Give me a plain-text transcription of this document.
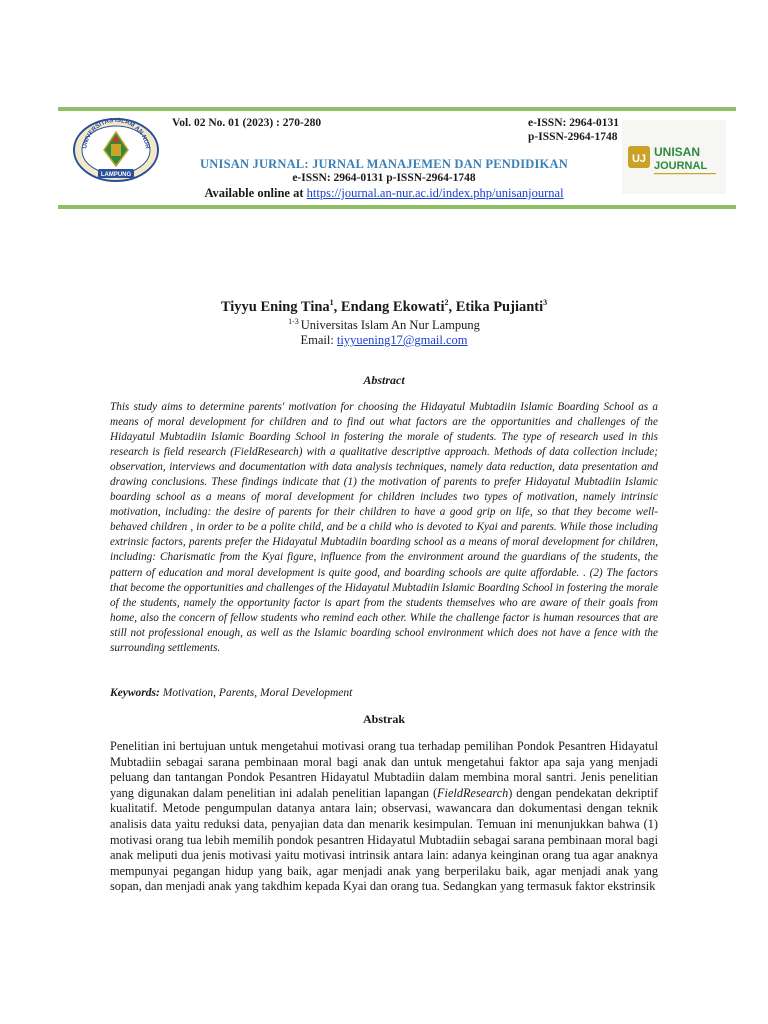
UNIVERSITAS ISLAM AN NUR
LAMPUNG
UJ UNISAN
JOURNAL
Vol. 02 No. 01 (2023) : 270-280	e-ISSN: 2964-0131
p-ISSN-2964-1748
UNISAN JURNAL: JURNAL MANAJEMEN DAN PENDIDIKAN
e-ISSN: 2964-0131 p-ISSN-2964-1748
Available online at https://journal.an-nur.ac.id/index.php/unisanjournal
Tiyyu Ening Tina$^1$, Endang Ekowati$^2$, Etika Pujianti$^3$
$^{1-3}$ Universitas Islam An Nur Lampung
Email: tiyyuening17@gmail.com
Abstract

This study aims to determine parents' motivation for choosing the Hidayatul Mubtadiin Islamic Boarding School as a means of moral development for children and to find out what factors are the opportunities and challenges of the Hidayatul Mubtadiin Islamic Boarding School in fostering the morale of students. The type of research used in this research is field research (FieldResearch) with a qualitative descriptive approach. Methods of data collection include; observation, interviews and documentation with data analysis techniques, namely data reduction, data presentation and drawing conclusions. These findings indicate that (1) the motivation of parents to prefer Hidayatul Mubtadiin Islamic boarding school as a means of moral development for children includes two types of motivation, namely intrinsic motivation, including: the desire of parents for their children to have a good grip on life, so that they become well-behaved children , in order to be a polite child, and be a child who is devoted to Kyai and parents. While those including extrinsic factors, parents prefer the Hidayatul Mubtadiin boarding school as a means of moral development for children, including: Charismatic from the Kyai figure, influence from the environment around the guardians of the students, the pattern of education and moral development is quite good, and boarding schools are quite affordable. . (2) The factors that become the opportunities and challenges of the Hidayatul Mubtadiin Islamic Boarding School in fostering the morale of the students, namely the opportunity factor is apart from the students themselves who are aware of their goals from home, also the concern of fellow students who remind each other. While the challenge factor is human resources that are still not professional enough, as well as the Islamic boarding school environment which does not have a fence with the surrounding settlements.

Keywords: Motivation, Parents, Moral Development
Abstrak

Penelitian ini bertujuan untuk mengetahui motivasi orang tua terhadap pemilihan Pondok Pesantren Hidayatul Mubtadiin sebagai sarana pembinaan moral bagi anak dan untuk mengetahui faktor apa saja yang menjadi peluang dan tantangan Pondok Pesantren Hidayatul Mubtadiin dalam membina moral santri. Jenis penelitian yang digunakan dalam penelitian ini adalah penelitian lapangan (FieldResearch) dengan pendekatan dekriptif kualitatif. Metode pengumpulan datanya antara lain; observasi, wawancara dan dokumentasi dengan teknik analisis data yaitu reduksi data, penyajian data dan menarik kesimpulan. Temuan ini menunjukkan bahwa (1) motivasi orang tua lebih memilih pondok pesantren Hidayatul Mubtadiin sebagai sarana pembinaan moral bagi anak meliputi dua jenis motivasi yaitu motivasi intrinsik antara lain: adanya keinginan orang tua agar anaknya mempunyai pegangan hidup yang baik, agar menjadi anak yang berperilaku baik, agar menjadi anak yang sopan, dan menjadi anak yang takdhim kepada Kyai dan orang tua. Sedangkan yang termasuk faktor ekstrinsik
